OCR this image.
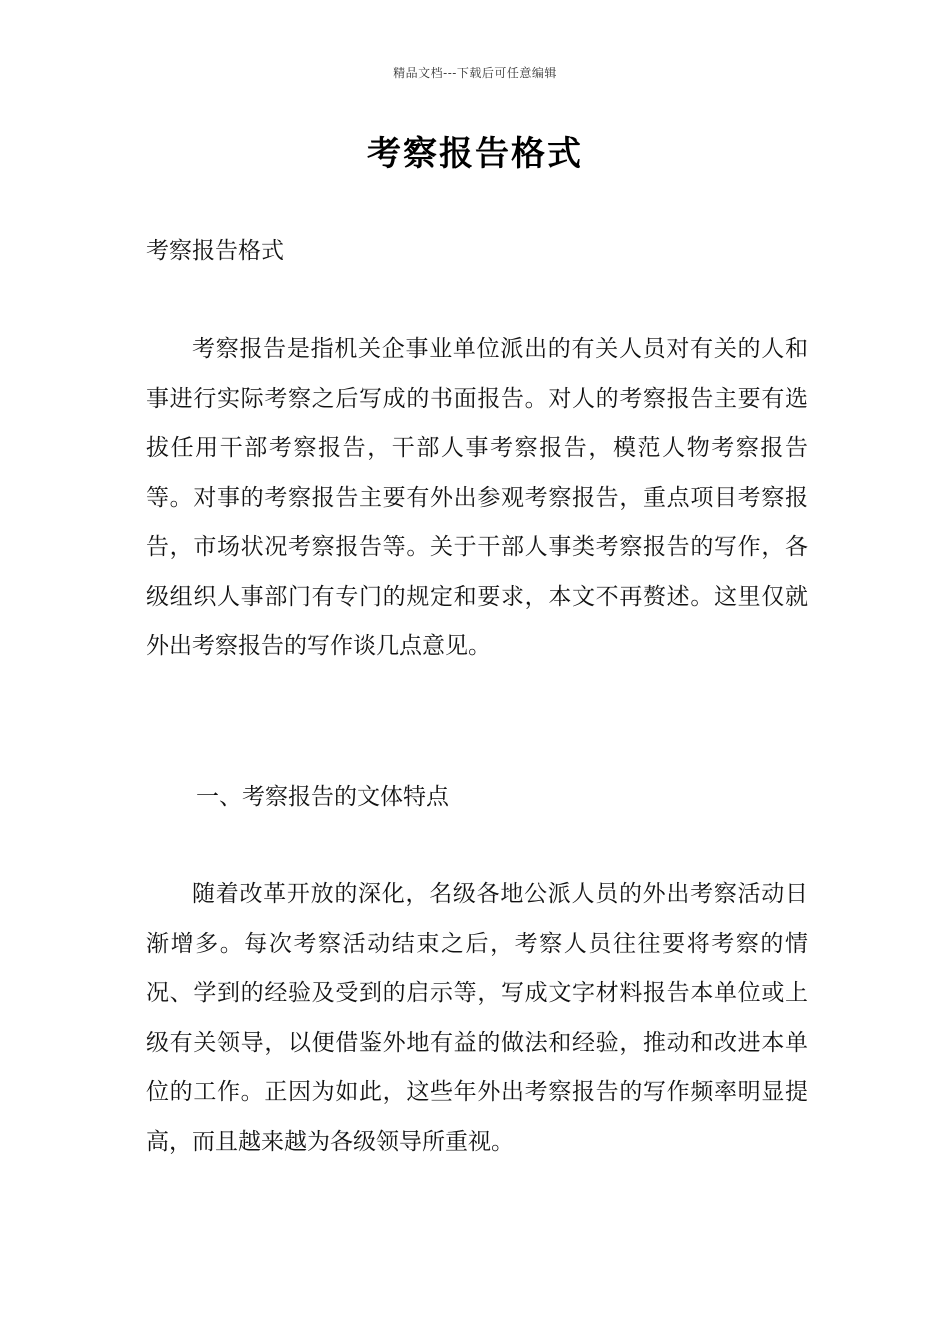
精品文档---下载后可任意编辑
考察报告格式
考察报告格式

考察报告是指机关企事业单位派出的有关人员对有关的人和事进行实际考察之后写成的书面报告。对人的考察报告主要有选拔任用干部考察报告，干部人事考察报告，模范人物考察报告等。对事的考察报告主要有外出参观考察报告，重点项目考察报告，市场状况考察报告等。关于干部人事类考察报告的写作，各级组织人事部门有专门的规定和要求，本文不再赘述。这里仅就外出考察报告的写作谈几点意见。

一、考察报告的文体特点

随着改革开放的深化，名级各地公派人员的外出考察活动日渐增多。每次考察活动结束之后，考察人员往往要将考察的情况、学到的经验及受到的启示等，写成文字材料报告本单位或上级有关领导，以便借鉴外地有益的做法和经验，推动和改进本单位的工作。正因为如此，这些年外出考察报告的写作频率明显提高，而且越来越为各级领导所重视。
